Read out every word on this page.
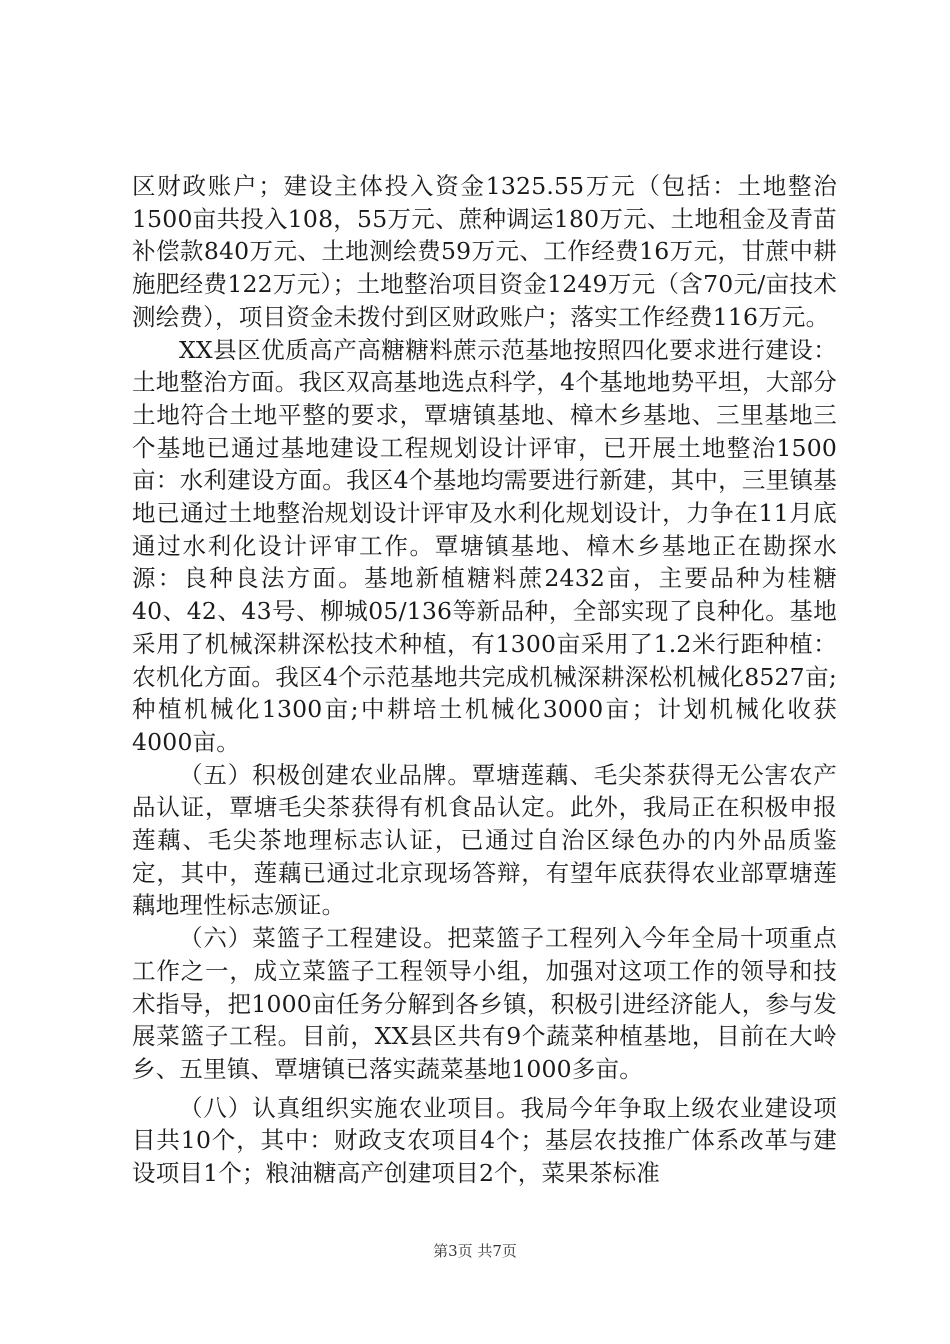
区财政账户；建设主体投入资金1325.55万元（包括：土地整治1500亩共投入108，55万元、蔗种调运180万元、土地租金及青苗补偿款840万元、土地测绘费59万元、工作经费16万元，甘蔗中耕施肥经费122万元）；土地整治项目资金1249万元（含70元/亩技术测绘费），项目资金未拨付到区财政账户；落实工作经费116万元。

XX县区优质高产高糖糖料蔗示范基地按照四化要求进行建设：土地整治方面。我区双高基地选点科学，4个基地地势平坦，大部分土地符合土地平整的要求，覃塘镇基地、樟木乡基地、三里基地三个基地已通过基地建设工程规划设计评审，已开展土地整治1500亩：水利建设方面。我区4个基地均需要进行新建，其中，三里镇基地已通过土地整治规划设计评审及水利化规划设计，力争在11月底通过水利化设计评审工作。覃塘镇基地、樟木乡基地正在勘探水源：良种良法方面。基地新植糖料蔗2432亩，主要品种为桂糖40、42、43号、柳城05/136等新品种，全部实现了良种化。基地采用了机械深耕深松技术种植，有1300亩采用了1.2米行距种植：农机化方面。我区4个示范基地共完成机械深耕深松机械化8527亩;种植机械化1300亩;中耕培土机械化3000亩；计划机械化收获4000亩。

（五）积极创建农业品牌。覃塘莲藕、毛尖茶获得无公害农产品认证，覃塘毛尖茶获得有机食品认定。此外，我局正在积极申报莲藕、毛尖茶地理标志认证，已通过自治区绿色办的内外品质鉴定，其中，莲藕已通过北京现场答辩，有望年底获得农业部覃塘莲藕地理性标志颁证。

（六）菜篮子工程建设。把菜篮子工程列入今年全局十项重点工作之一，成立菜篮子工程领导小组，加强对这项工作的领导和技术指导，把1000亩任务分解到各乡镇，积极引进经济能人，参与发展菜篮子工程。目前，XX县区共有9个蔬菜种植基地，目前在大岭乡、五里镇、覃塘镇已落实蔬菜基地1000多亩。

（八）认真组织实施农业项目。我局今年争取上级农业建设项目共10个，其中：财政支农项目4个；基层农技推广体系改革与建设项目1个；粮油糖高产创建项目2个，菜果茶标准

第3页 共7页
